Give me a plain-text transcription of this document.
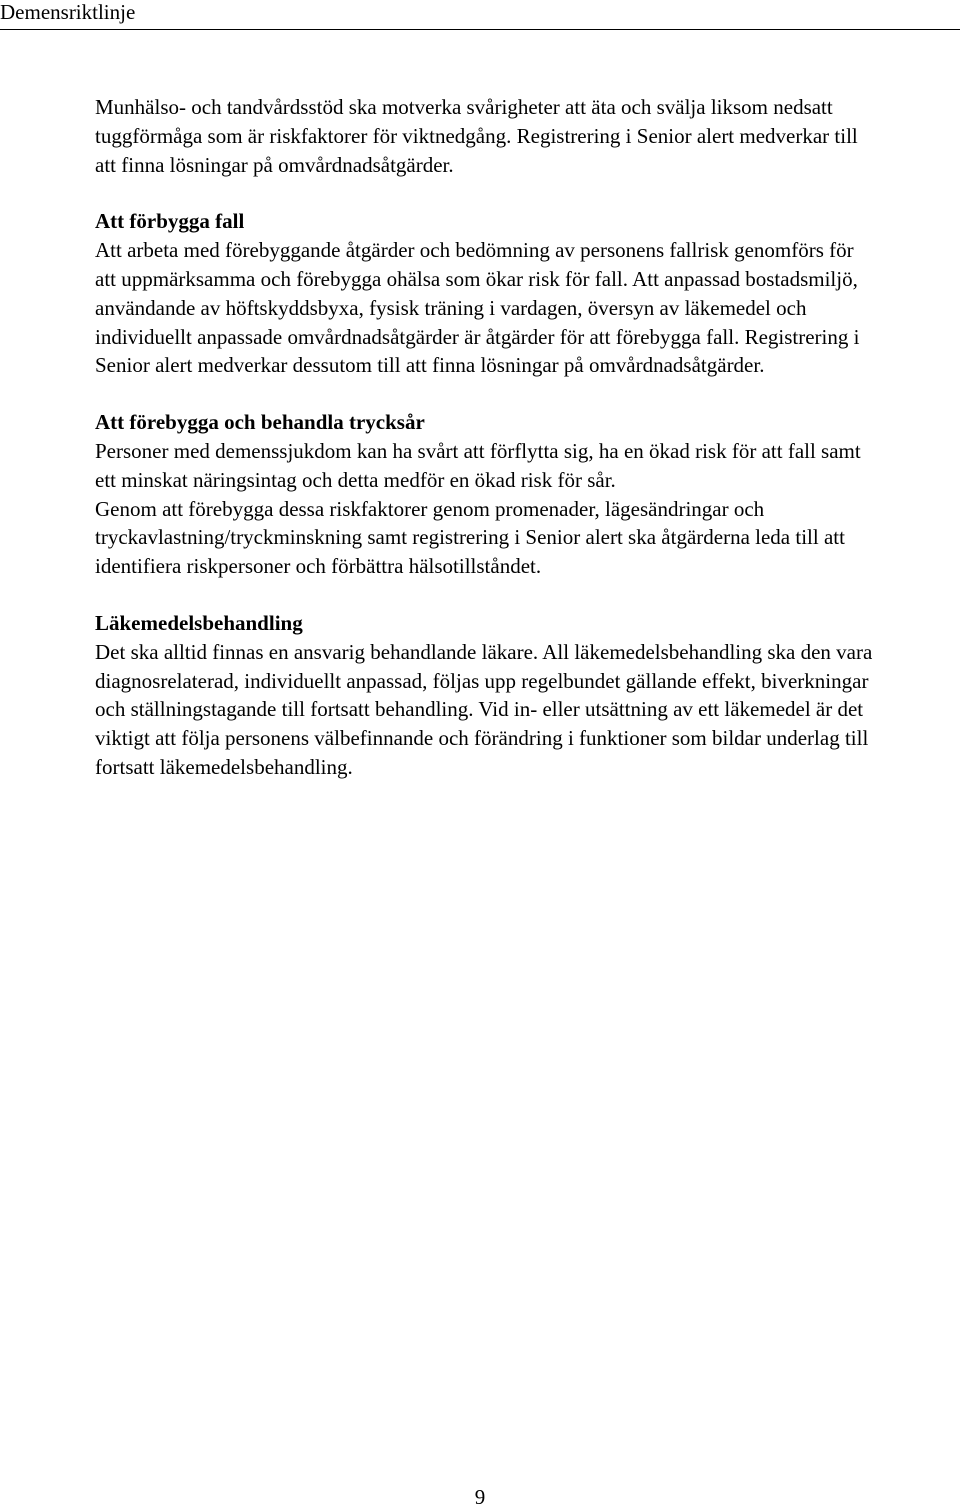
Demensriktlinje

Munhälso- och tandvårdsstöd ska motverka svårigheter att äta och svälja liksom nedsatt tuggförmåga som är riskfaktorer för viktnedgång. Registrering i Senior alert medverkar till att finna lösningar på omvårdnadsåtgärder.

Att förbygga fall

Att arbeta med förebyggande åtgärder och bedömning av personens fallrisk genomförs för att uppmärksamma och förebygga ohälsa som ökar risk för fall. Att anpassad bostadsmiljö, användande av höftskyddsbyxa, fysisk träning i vardagen, översyn av läkemedel och individuellt anpassade omvårdnadsåtgärder är åtgärder för att förebygga fall. Registrering i Senior alert medverkar dessutom till att finna lösningar på omvårdnadsåtgärder.

Att förebygga och behandla trycksår

Personer med demenssjukdom kan ha svårt att förflytta sig, ha en ökad risk för att fall samt ett minskat näringsintag och detta medför en ökad risk för sår.

Genom att förebygga dessa riskfaktorer genom promenader, lägesändringar och tryckavlastning/tryckminskning samt registrering i Senior alert ska åtgärderna leda till att identifiera riskpersoner och förbättra hälsotillståndet.

Läkemedelsbehandling

Det ska alltid finnas en ansvarig behandlande läkare. All läkemedelsbehandling ska den vara diagnosrelaterad, individuellt anpassad, följas upp regelbundet gällande effekt, biverkningar och ställningstagande till fortsatt behandling. Vid in- eller utsättning av ett läkemedel är det viktigt att följa personens välbefinnande och förändring i funktioner som bildar underlag till fortsatt läkemedelsbehandling.

9
